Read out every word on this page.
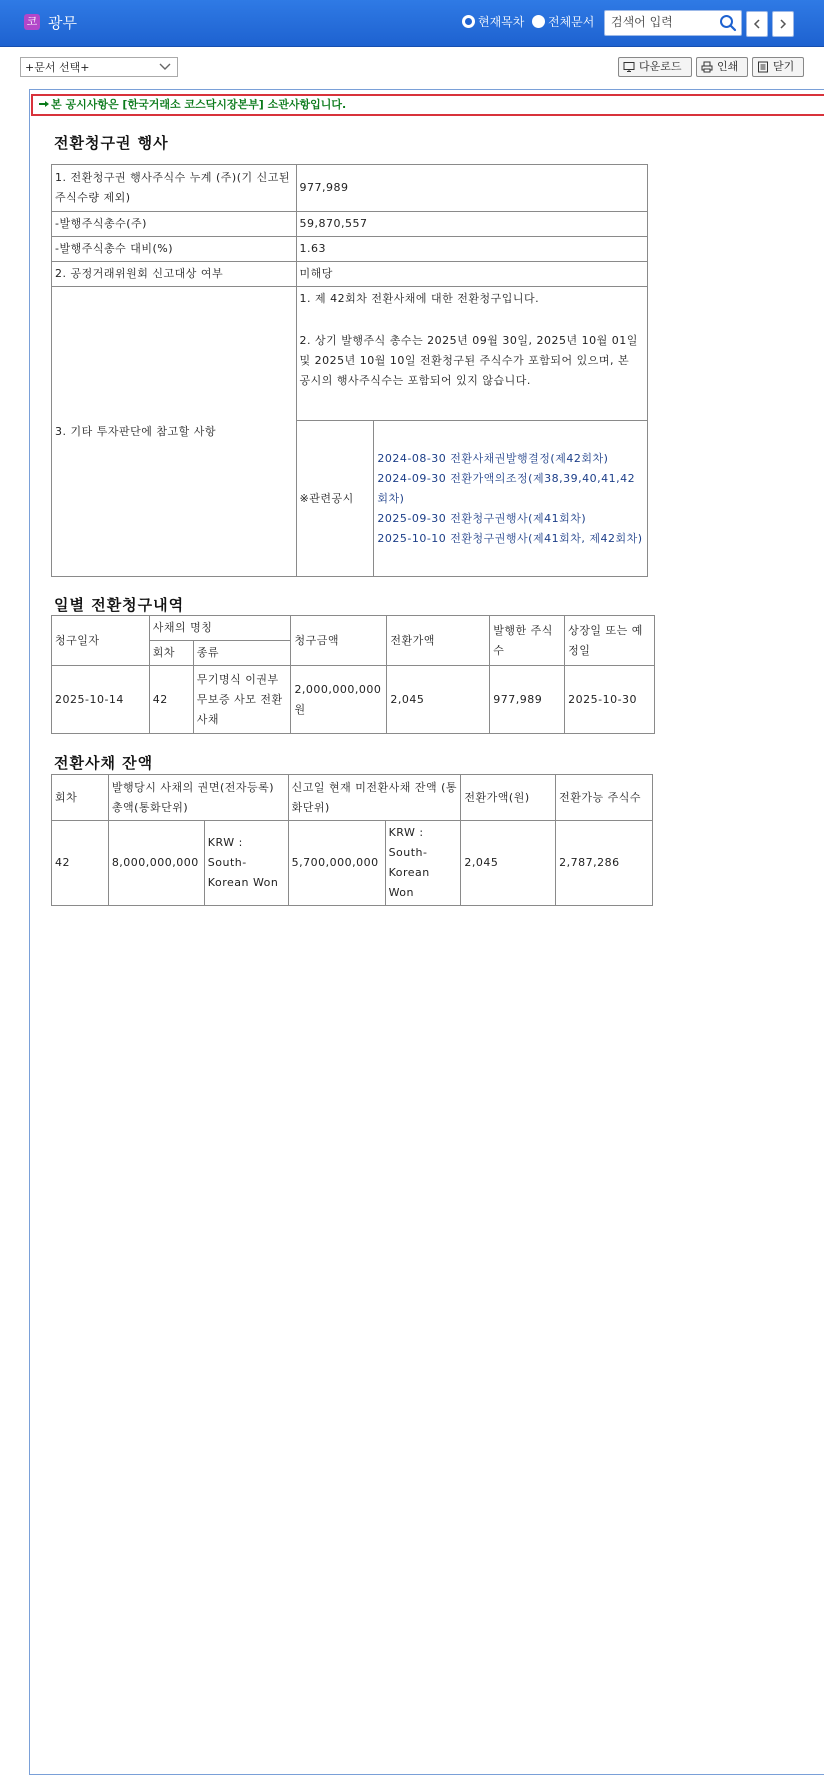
코 광무	현재목차 전체문서
검색어 입력
+문서 선택+	다운로드	인쇄	닫기
본 공시사항은 [한국거래소 코스닥시장본부] 소관사항입니다.
전환청구권 행사
1. 전환청구권 행사주식수 누계 (주)(기 신고된 주식수량 제외)	977,989	
-발행주식총수(주)	59,870,557	
-발행주식총수 대비(%)	1.63	
2. 공정거래위원회 신고대상 여부	미해당	
3. 기타 투자판단에 참고할 사항	1. 제 42회차 전환사채에 대한 전환청구입니다.
2. 상기 발행주식 총수는 2025년 09월 30일, 2025년 10월 01일 및 2025년 10월 10일 전환청구된 주식수가 포함되어 있으며, 본 공시의 행사주식수는 포함되어 있지 않습니다.	

	※관련공시	2024-08-30 전환사채권발행결정(제42회차)
2024-09-30 전환가액의조정(제38,39,40,41,42회차)
2025-09-30 전환청구권행사(제41회차)
2025-10-10 전환청구권행사(제41회차, 제42회차)
일별 전환청구내역
청구일자	사채의 명칭		청구금액	전환가액	발행한 주식수	상장일 또는 예정일
	회차	종류				
2025-10-14	42	무기명식 이권부 무보증 사모 전환사채	2,000,000,000원	2,045	977,989	2025-10-30
전환사채 잔액
회차	발행당시 사채의 권면(전자등록)총액(통화단위)		신고일 현재 미전환사채 잔액 (통화단위)		전환가액(원)	전환가능 주식수
42	8,000,000,000	KRW : South-Korean Won	5,700,000,000	KRW : South-Korean Won	2,045	2,787,286
